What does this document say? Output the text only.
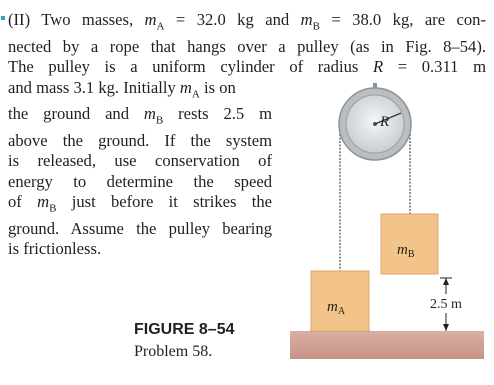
(II) Two masses, $m_A = 32.0$ kg and $m_B = 38.0$ kg, are con-
nected by a rope that hangs over a pulley (as in Fig. 8–54).
The pulley is a uniform cylinder of radius R = 0.311 m
and mass 3.1 kg. Initially $m_A$ is on
the ground and $m_B$ rests 2.5 m
above the ground. If the system
is released, use conservation of
energy to determine the speed
of $m_B$ just before it strikes the
ground. Assume the pulley bearing
is frictionless.
R
$m_A$
$m_B$
2.5 m
FIGURE 8–54
Problem 58.
